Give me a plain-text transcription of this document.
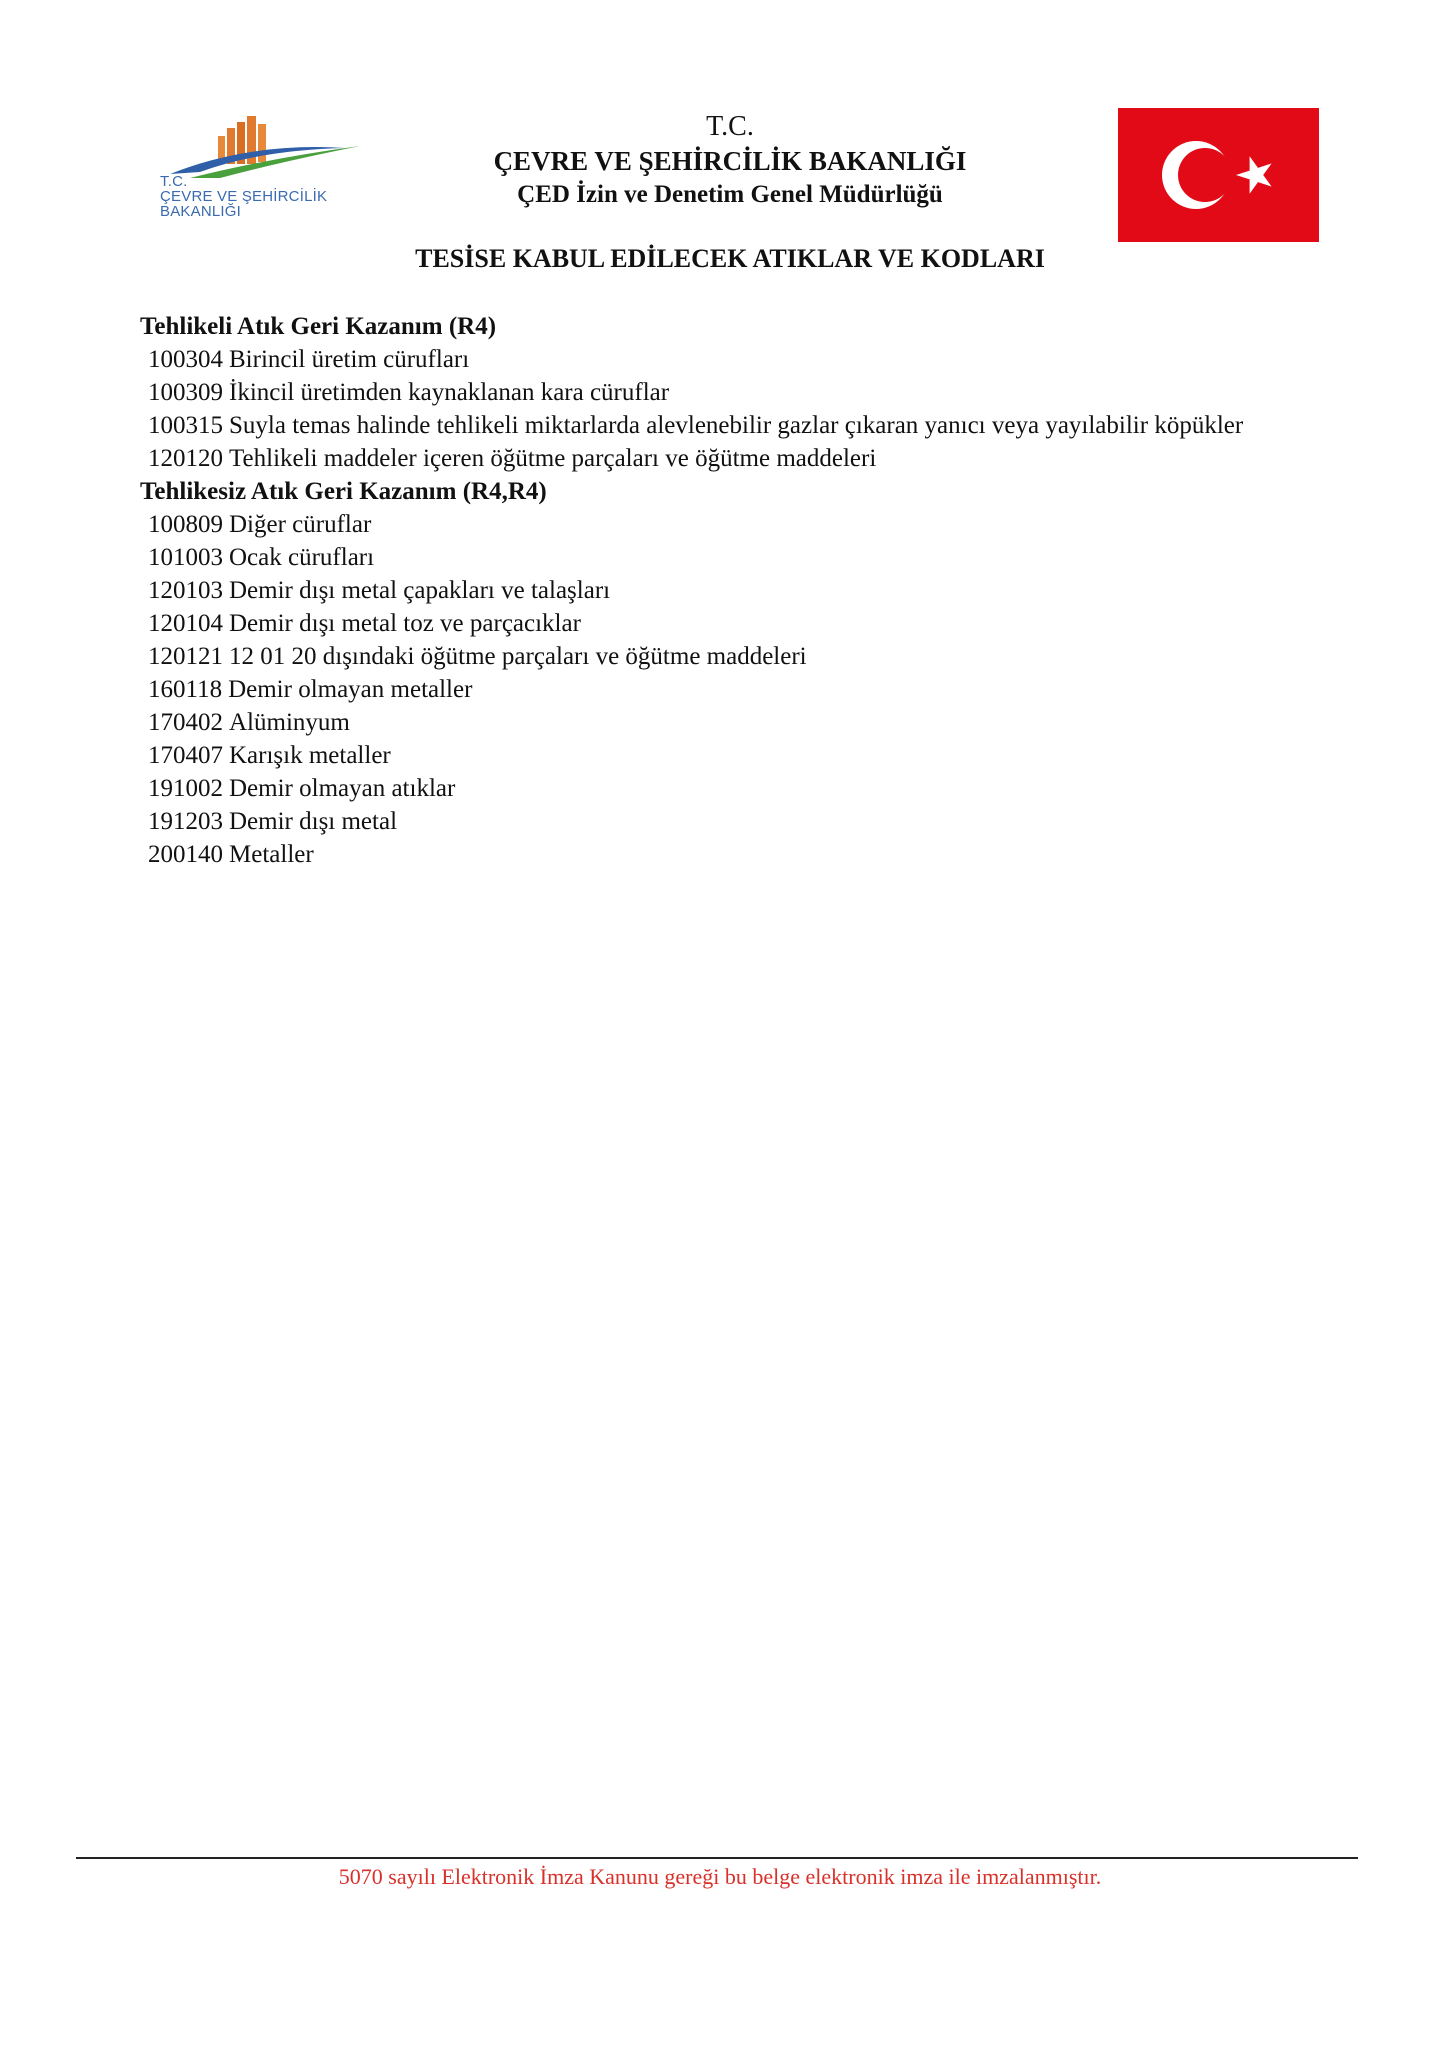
T.C.
ÇEVRE VE ŞEHİRCİLİK
BAKANLIĞI
T.C.
ÇEVRE VE ŞEHİRCİLİK BAKANLIĞI
ÇED İzin ve Denetim Genel Müdürlüğü
TESİSE KABUL EDİLECEK ATIKLAR VE KODLARI
Tehlikeli Atık Geri Kazanım (R4)
100304 Birincil üretim cürufları
100309 İkincil üretimden kaynaklanan kara cüruflar
100315 Suyla temas halinde tehlikeli miktarlarda alevlenebilir gazlar çıkaran yanıcı veya yayılabilir köpükler
120120 Tehlikeli maddeler içeren öğütme parçaları ve öğütme maddeleri
Tehlikesiz Atık Geri Kazanım (R4,R4)
100809 Diğer cüruflar
101003 Ocak cürufları
120103 Demir dışı metal çapakları ve talaşları
120104 Demir dışı metal toz ve parçacıklar
120121 12 01 20 dışındaki öğütme parçaları ve öğütme maddeleri
160118 Demir olmayan metaller
170402 Alüminyum
170407 Karışık metaller
191002 Demir olmayan atıklar
191203 Demir dışı metal
200140 Metaller
5070 sayılı Elektronik İmza Kanunu gereği bu belge elektronik imza ile imzalanmıştır.
